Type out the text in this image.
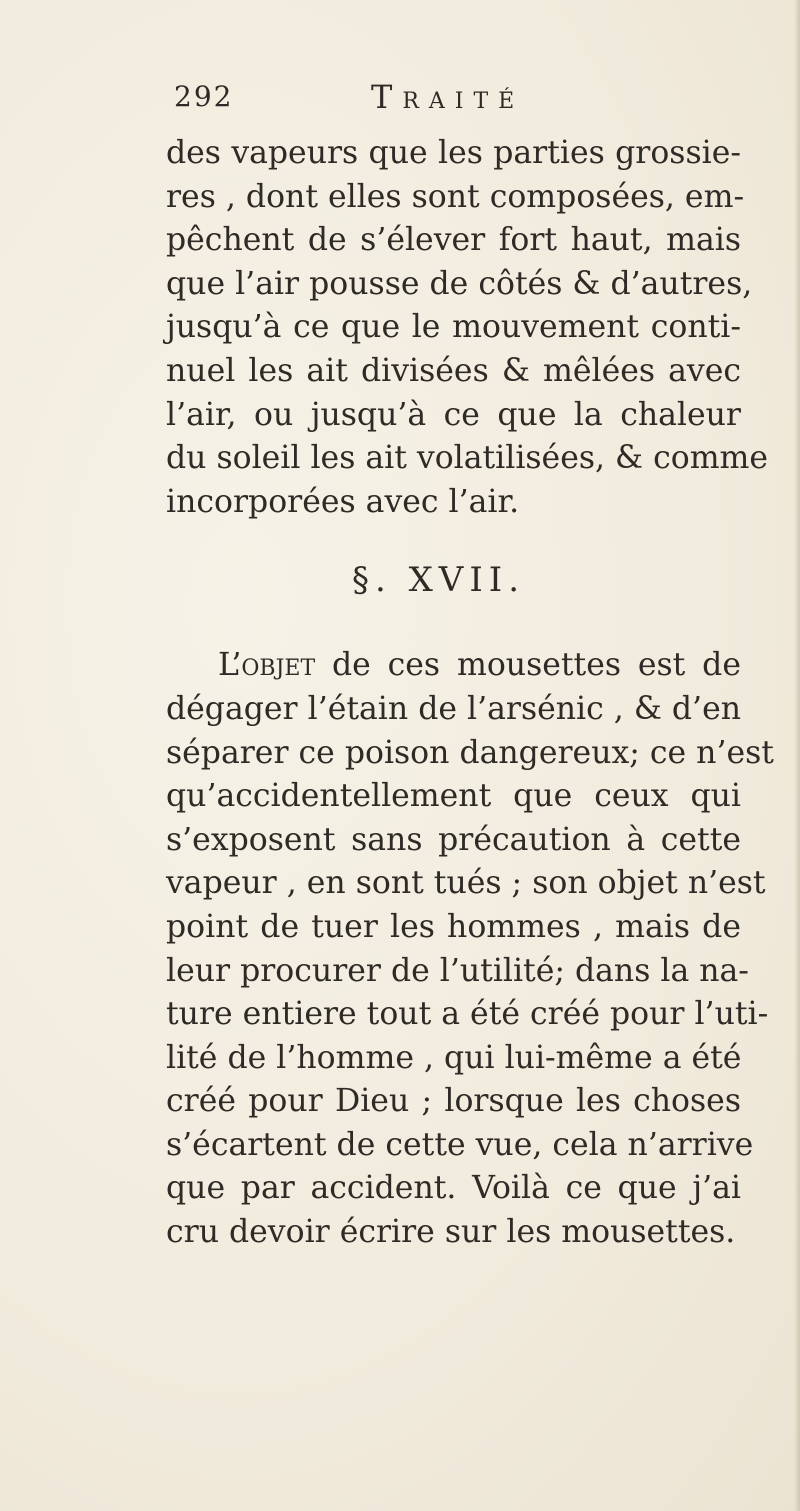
292	Traité
des vapeurs que les parties grossie-
res , dont elles sont composées, em-
pêchent de s’élever fort haut, mais
que l’air pousse de côtés & d’autres,
jusqu’à ce que le mouvement conti-
nuel les ait divisées & mêlées avec
l’air, ou jusqu’à ce que la chaleur
du soleil les ait volatilisées, & comme
incorporées avec l’air.
§. XVII.
L’objet de ces mousettes est de
dégager l’étain de l’arsénic , & d’en
séparer ce poison dangereux; ce n’est
qu’accidentellement que ceux qui
s’exposent sans précaution à cette
vapeur , en sont tués ; son objet n’est
point de tuer les hommes , mais de
leur procurer de l’utilité; dans la na-
ture entiere tout a été créé pour l’uti-
lité de l’homme , qui lui-même a été
créé pour Dieu ; lorsque les choses
s’écartent de cette vue, cela n’arrive
que par accident. Voilà ce que j’ai
cru devoir écrire sur les mousettes.
